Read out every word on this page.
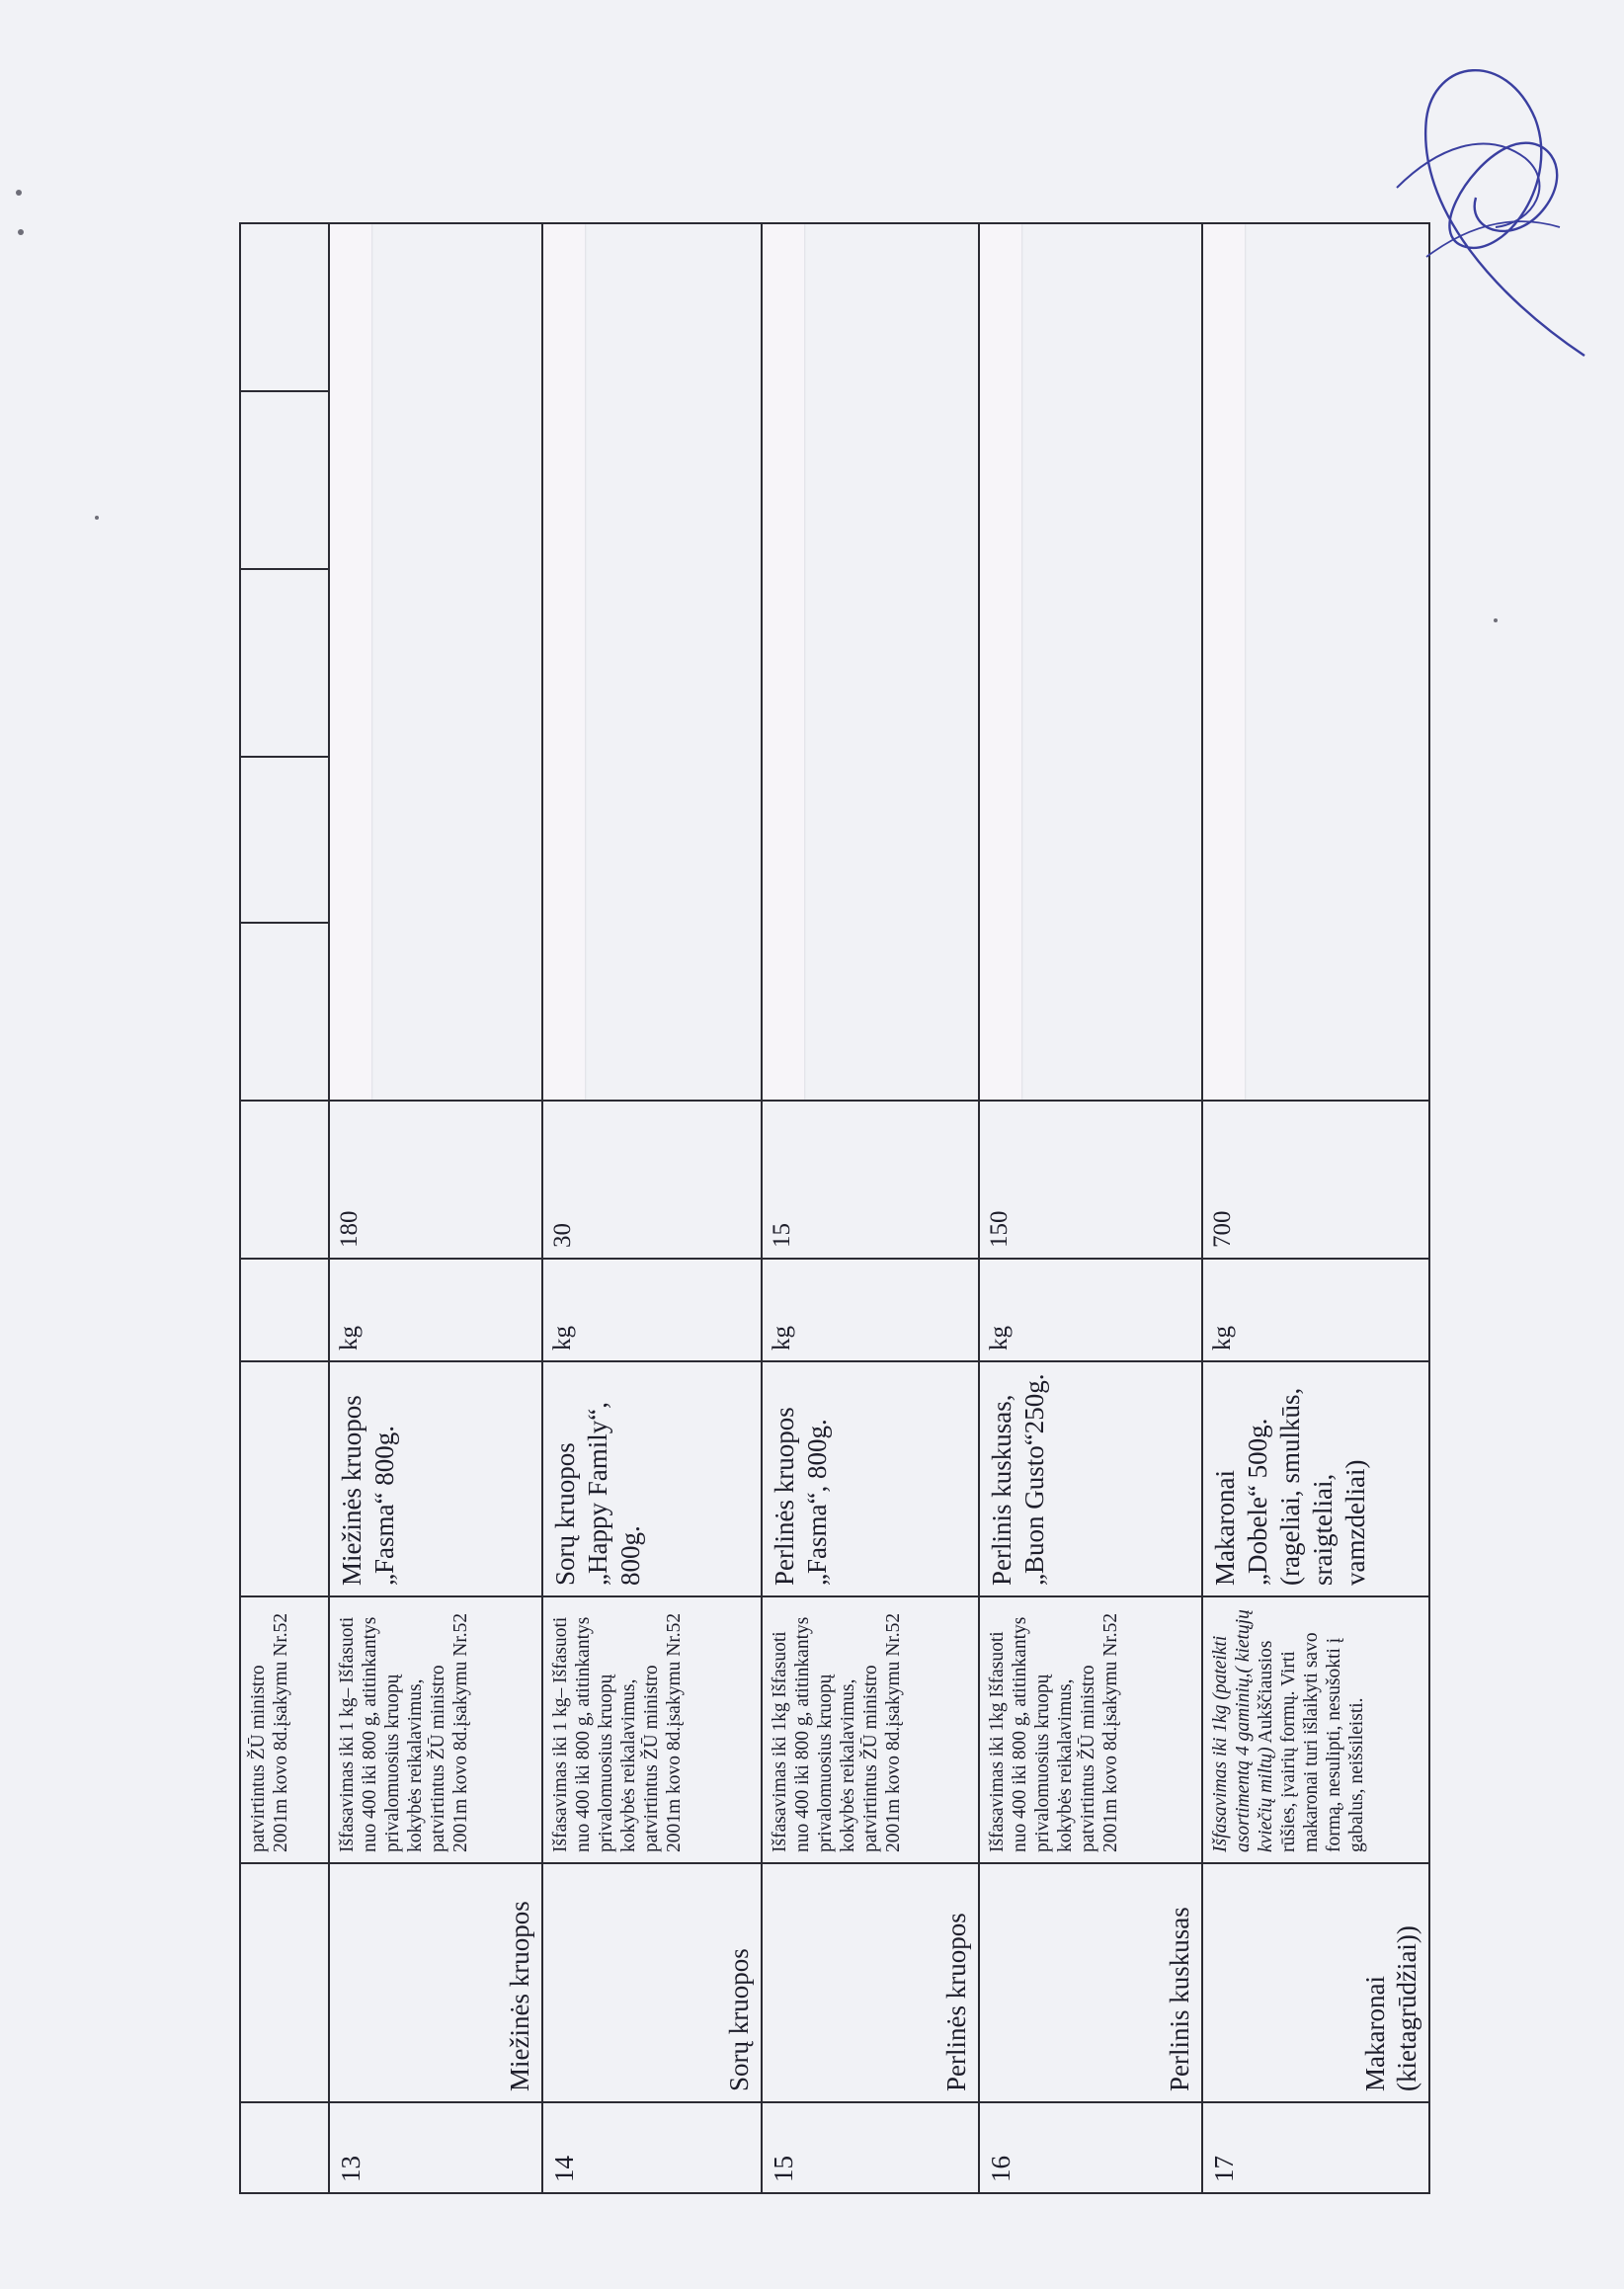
		patvirtintus ŽŪ ministro 2001m kovo 8d.įsakymu Nr.52								
13	Miežinės kruopos	Išfasavimas iki 1 kg– Išfasuoti nuo 400 iki 800 g, atitinkantys privalomuosius kruopų kokybės reikalavimus, patvirtintus ŽŪ ministro 2001m kovo 8d.įsakymu Nr.52	Miežinės kruopos „Fasma“ 800g.	kg	180					

14	Sorų kruopos	Išfasavimas iki 1 kg– Išfasuoti nuo 400 iki 800 g, atitinkantys privalomuosius kruopų kokybės reikalavimus, patvirtintus ŽŪ ministro 2001m kovo 8d.įsakymu Nr.52	Sorų kruopos „Happy Family“, 800g.	kg	30					

15	Perlinės kruopos	Išfasavimas iki 1kg Išfasuoti nuo 400 iki 800 g, atitinkantys privalomuosius kruopų kokybės reikalavimus, patvirtintus ŽŪ ministro 2001m kovo 8d.įsakymu Nr.52	Perlinės kruopos „Fasma“, 800g.	kg	15					

16	Perlinis kuskusas	Išfasavimas iki 1kg Išfasuoti nuo 400 iki 800 g, atitinkantys privalomuosius kruopų kokybės reikalavimus, patvirtintus ŽŪ ministro 2001m kovo 8d.įsakymu Nr.52	Perlinis kuskusas, „Buon Gusto“250g.	kg	150					

17	Makaronai (kietagrūdžiai))	Išfasavimas iki 1kg (pateikti asortimentą 4 gaminių,( kietųjų kviečių miltų) Aukščiausios rūšies, įvairių formų. Virti makaronai turi išlaikyti savo formą, nesulipti, nesušokti į gabalus, neišsileisti.	Makaronai „Dobele“ 500g. (rageliai, smulkūs, sraigteliai, vamzdeliai)	kg	700					
